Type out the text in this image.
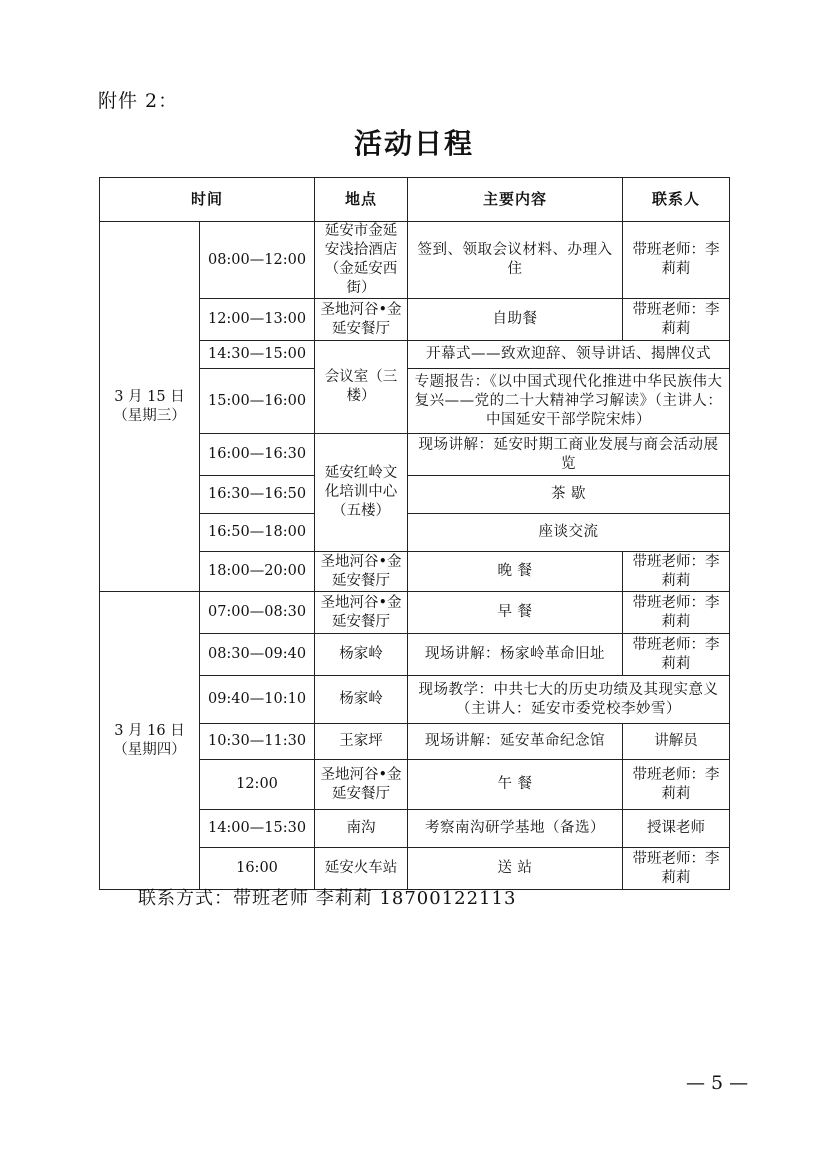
附件 2：
活动日程
时间		地点	主要内容	联系人

3 月 15 日
（星期三）	08:00—12:00	延安市金延安浅拾酒店（金延安西街）	签到、领取会议材料、办理入住	带班老师：李莉莉
	12:00—13:00	圣地河谷•金延安餐厅	自助餐	带班老师：李莉莉
	14:30—15:00	会议室（三楼）	开幕式——致欢迎辞、领导讲话、揭牌仪式	
	15:00—16:00		专题报告：《以中国式现代化推进中华民族伟大复兴——党的二十大精神学习解读》（主讲人：中国延安干部学院宋炜）	
	16:00—16:30	延安红岭文化培训中心（五楼）	现场讲解：延安时期工商业发展与商会活动展览	
	16:30—16:50		茶 歇	
	16:50—18:00		座谈交流	
	18:00—20:00	圣地河谷•金延安餐厅	晚 餐	带班老师：李莉莉

3 月 16 日
（星期四）	07:00—08:30	圣地河谷•金延安餐厅	早 餐	带班老师：李莉莉
	08:30—09:40	杨家岭	现场讲解：杨家岭革命旧址	带班老师：李莉莉
	09:40—10:10	杨家岭	现场教学：中共七大的历史功绩及其现实意义 （主讲人：延安市委党校李妙雪）	
	10:30—11:30	王家坪	现场讲解：延安革命纪念馆	讲解员
	12:00	圣地河谷•金延安餐厅	午 餐	带班老师：李莉莉
	14:00—15:30	南沟	考察南沟研学基地（备选）	授课老师
	16:00	延安火车站	送 站	带班老师：李莉莉
联系方式：带班老师 李莉莉 18700122113
— 5 —
